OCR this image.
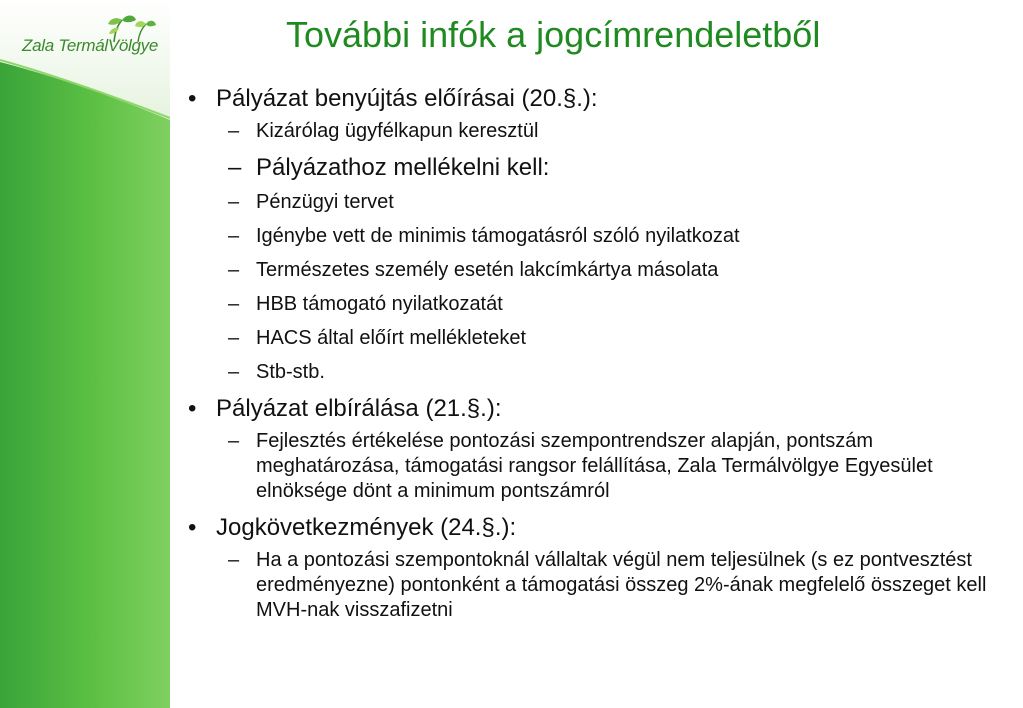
Zala TermálVölgye	További infók a jogcímrendeletből
• Pályázat benyújtás előírásai (20.§.):
– Kizárólag ügyfélkapun keresztül
– Pályázathoz mellékelni kell:
– Pénzügyi tervet
– Igénybe vett de minimis támogatásról szóló nyilatkozat
– Természetes személy esetén lakcímkártya másolata
– HBB támogató nyilatkozatát
– HACS által előírt mellékleteket
– Stb-stb.
• Pályázat elbírálása (21.§.):
– Fejlesztés értékelése pontozási szempontrendszer alapján, pontszám meghatározása, támogatási rangsor felállítása, Zala Termálvölgye Egyesület elnöksége dönt a minimum pontszámról
• Jogkövetkezmények (24.§.):
– Ha a pontozási szempontoknál vállaltak végül nem teljesülnek (s ez pontvesztést eredményezne) pontonként a támogatási összeg 2%-ának megfelelő összeget kell MVH-nak visszafizetni
